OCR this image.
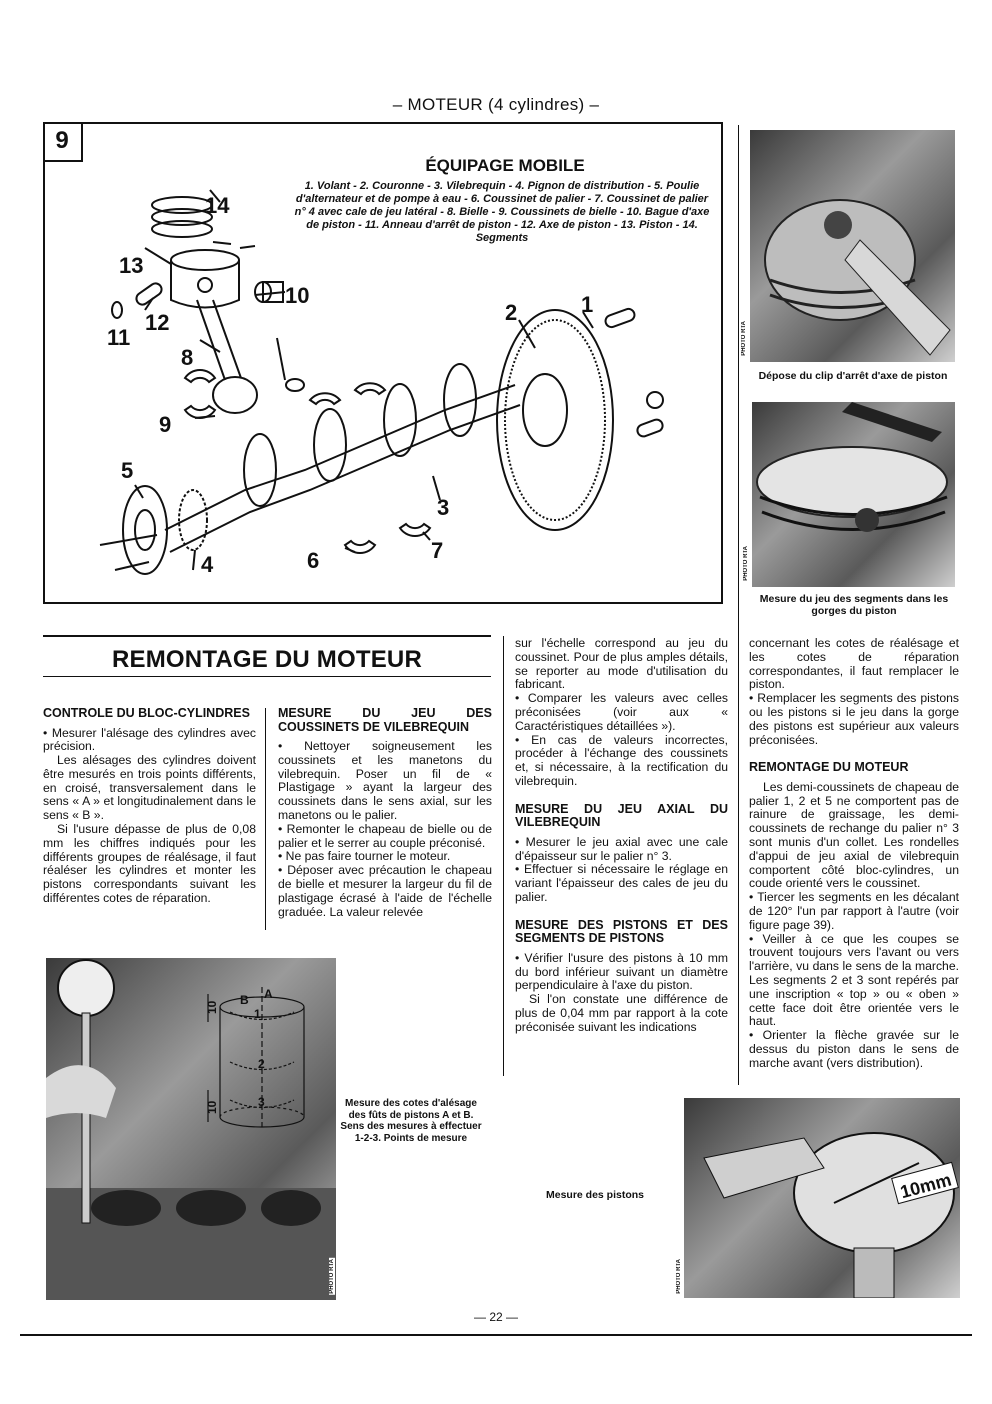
– MOTEUR (4 cylindres) –
9
ÉQUIPAGE MOBILE
1. Volant - 2. Couronne - 3. Vilebrequin - 4. Pignon de distribution - 5. Poulie d'alternateur et de pompe à eau - 6. Coussinet de palier - 7. Coussinet de palier n° 4 avec cale de jeu latéral - 8. Bielle - 9. Coussinets de bielle - 10. Bague d'axe de piston - 11. Anneau d'arrêt de piston - 12. Axe de piston - 13. Piston - 14. Segments
1
2
3
4
5
6	7
8
9
10
11
12
13
14
PHOTO RTA
Dépose du clip d'arrêt d'axe de piston
PHOTO RTA
Mesure du jeu des segments dans les gorges du piston
REMONTAGE DU MOTEUR

CONTROLE DU BLOC-CYLINDRES

• Mesurer l'alésage des cylindres avec précision.

Les alésages des cylindres doivent être mesurés en trois points différents, en croisé, transversalement dans le sens « A » et longitudinalement dans le sens « B ».

Si l'usure dépasse de plus de 0,08 mm les chiffres indiqués pour les différents groupes de réalésage, il faut réaléser les cylindres et monter les pistons correspondants suivant les différentes cotes de réparation.

MESURE DU JEU DES COUSSINETS DE VILEBREQUIN

• Nettoyer soigneusement les coussinets et les manetons du vilebrequin. Poser un fil de « Plastigage » ayant la largeur des coussinets dans le sens axial, sur les manetons ou le palier.

• Remonter le chapeau de bielle ou de palier et le serrer au couple préconisé.

• Ne pas faire tourner le moteur.

• Déposer avec précaution le chapeau de bielle et mesurer la largeur du fil de plastigage écrasé à l'aide de l'échelle graduée. La valeur relevée

sur l'échelle correspond au jeu du coussinet. Pour de plus amples détails, se reporter au mode d'utilisation du fabricant.

• Comparer les valeurs avec celles préconisées (voir aux « Caractéristiques détaillées »).

• En cas de valeurs incorrectes, procéder à l'échange des coussinets et, si nécessaire, à la rectification du vilebrequin.

MESURE DU JEU AXIAL DU VILEBREQUIN

• Mesurer le jeu axial avec une cale d'épaisseur sur le palier n° 3.

• Effectuer si nécessaire le réglage en variant l'épaisseur des cales de jeu du palier.

MESURE DES PISTONS ET DES SEGMENTS DE PISTONS

• Vérifier l'usure des pistons à 10 mm du bord inférieur suivant un diamètre perpendiculaire à l'axe du piston.

Si l'on constate une différence de plus de 0,04 mm par rapport à la cote préconisée suivant les indications

concernant les cotes de réalésage et les cotes de réparation correspondantes, il faut remplacer le piston.

• Remplacer les segments des pistons ou les pistons si le jeu dans la gorge des pistons est supérieur aux valeurs préconisées.

REMONTAGE DU MOTEUR

Les demi-coussinets de chapeau de palier 1, 2 et 5 ne comportent pas de rainure de graissage, les demi-coussinets de rechange du palier n° 3 sont munis d'un collet. Les rondelles d'appui de jeu axial de vilebrequin comportent côté bloc-cylindres, un coude orienté vers le coussinet.

• Tiercer les segments en les décalant de 120° l'un par rapport à l'autre (voir figure page 39).

• Veiller à ce que les coupes se trouvent toujours vers l'avant ou vers l'arrière, vu dans le sens de la marche. Les segments 2 et 3 sont repérés par une inscription « top » ou « oben » cette face doit être orientée vers le haut.

• Orienter la flèche gravée sur le dessus du piston dans le sens de marche avant (vers distribution).

PHOTO RTA
B A
1
2
3
10
10	Mesure des cotes d'alésage des fûts de pistons A et B. Sens des mesures à effectuer 1-2-3. Points de mesure
10mm
PHOTO RTA
Mesure des pistons
— 22 —
